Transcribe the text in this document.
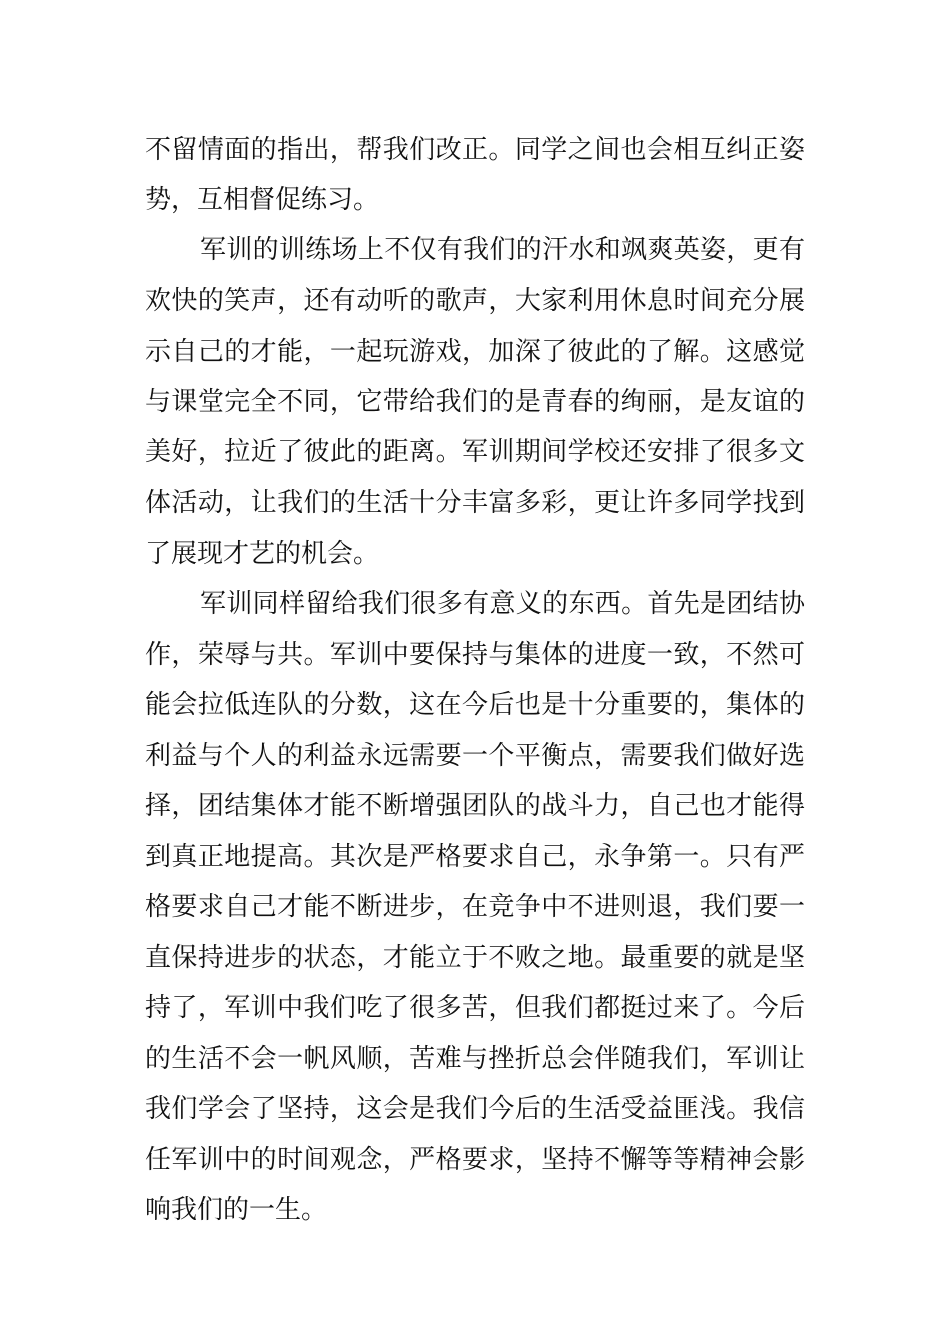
不留情面的指出，帮我们改正。同学之间也会相互纠正姿
势，互相督促练习。
军训的训练场上不仅有我们的汗水和飒爽英姿，更有
欢快的笑声，还有动听的歌声，大家利用休息时间充分展
示自己的才能，一起玩游戏，加深了彼此的了解。这感觉
与课堂完全不同，它带给我们的是青春的绚丽，是友谊的
美好，拉近了彼此的距离。军训期间学校还安排了很多文
体活动，让我们的生活十分丰富多彩，更让许多同学找到
了展现才艺的机会。
军训同样留给我们很多有意义的东西。首先是团结协
作，荣辱与共。军训中要保持与集体的进度一致，不然可
能会拉低连队的分数，这在今后也是十分重要的，集体的
利益与个人的利益永远需要一个平衡点，需要我们做好选
择，团结集体才能不断增强团队的战斗力，自己也才能得
到真正地提高。其次是严格要求自己，永争第一。只有严
格要求自己才能不断进步，在竞争中不进则退，我们要一
直保持进步的状态，才能立于不败之地。最重要的就是坚
持了，军训中我们吃了很多苦，但我们都挺过来了。今后
的生活不会一帆风顺，苦难与挫折总会伴随我们，军训让
我们学会了坚持，这会是我们今后的生活受益匪浅。我信
任军训中的时间观念，严格要求，坚持不懈等等精神会影
响我们的一生。
